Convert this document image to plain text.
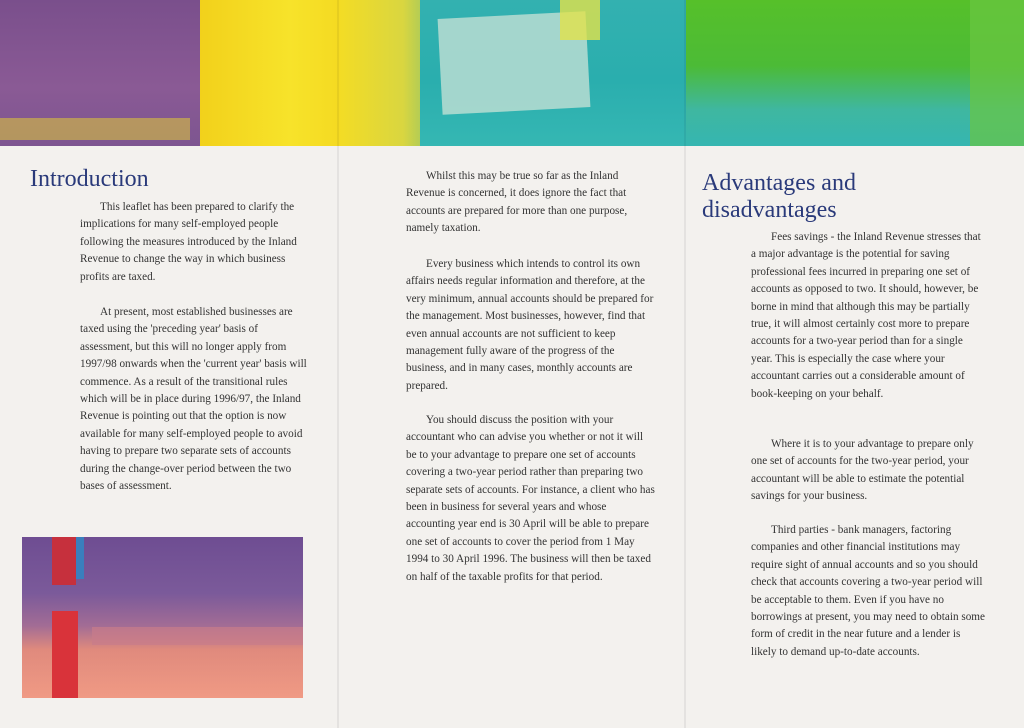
Introduction

This leaflet has been prepared to clarify the implications for many self-employed people following the measures introduced by the Inland Revenue to change the way in which business profits are taxed.

At present, most established businesses are taxed using the 'preceding year' basis of assessment, but this will no longer apply from 1997/98 onwards when the 'current year' basis will commence. As a result of the transitional rules which will be in place during 1996/97, the Inland Revenue is pointing out that the option is now available for many self-employed people to avoid having to prepare two separate sets of accounts during the change-over period between the two bases of assessment.

Whilst this may be true so far as the Inland Revenue is concerned, it does ignore the fact that accounts are prepared for more than one purpose, namely taxation.

Every business which intends to control its own affairs needs regular information and therefore, at the very minimum, annual accounts should be prepared for the management. Most businesses, however, find that even annual accounts are not sufficient to keep management fully aware of the progress of the business, and in many cases, monthly accounts are prepared.

You should discuss the position with your accountant who can advise you whether or not it will be to your advantage to prepare one set of accounts covering a two-year period rather than preparing two separate sets of accounts. For instance, a client who has been in business for several years and whose accounting year end is 30 April will be able to prepare one set of accounts to cover the period from 1 May 1994 to 30 April 1996. The business will then be taxed on half of the taxable profits for that period.

Advantages and
disadvantages

Fees savings - the Inland Revenue stresses that a major advantage is the potential for saving professional fees incurred in preparing one set of accounts as opposed to two. It should, however, be borne in mind that although this may be partially true, it will almost certainly cost more to prepare accounts for a two-year period than for a single year. This is especially the case where your accountant carries out a considerable amount of book-keeping on your behalf.

Where it is to your advantage to prepare only one set of accounts for the two-year period, your accountant will be able to estimate the potential savings for your business.

Third parties - bank managers, factoring companies and other financial institutions may require sight of annual accounts and so you should check that accounts covering a two-year period will be acceptable to them. Even if you have no borrowings at present, you may need to obtain some form of credit in the near future and a lender is likely to demand up-to-date accounts.
